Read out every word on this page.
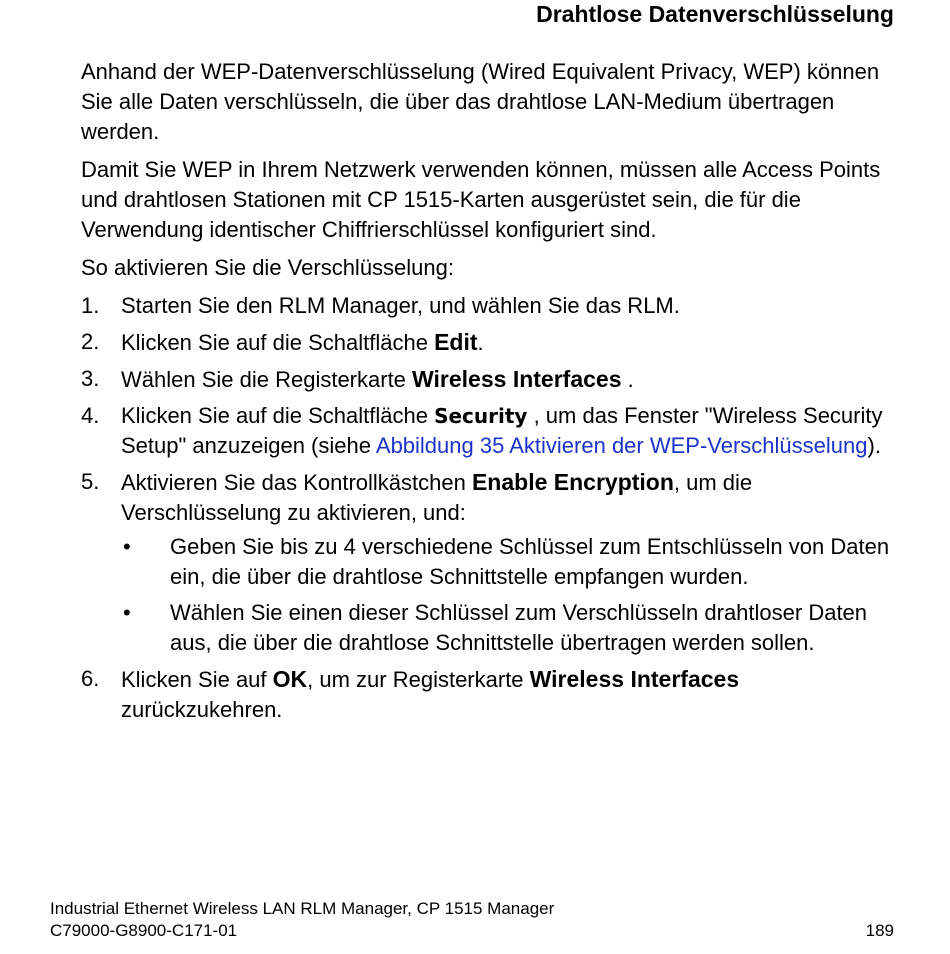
Drahtlose Datenverschlüsselung

Anhand der WEP-Datenverschlüsselung (Wired Equivalent Privacy, WEP) können Sie alle Daten verschlüsseln, die über das drahtlose LAN-Medium übertragen werden.

Damit Sie WEP in Ihrem Netzwerk verwenden können, müssen alle Access Points und drahtlosen Stationen mit CP 1515-Karten ausgerüstet sein, die für die Verwendung identischer Chiffrierschlüssel konfiguriert sind.

So aktivieren Sie die Verschlüsselung:

1. Starten Sie den RLM Manager, und wählen Sie das RLM.
2. Klicken Sie auf die Schaltfläche Edit.
3. Wählen Sie die Registerkarte Wireless Interfaces .
4. Klicken Sie auf die Schaltfläche Security , um das Fenster "Wireless Security Setup" anzuzeigen (siehe Abbildung 35 Aktivieren der WEP-Verschlüsselung).
5. Aktivieren Sie das Kontrollkästchen Enable Encryption, um die Verschlüsselung zu aktivieren, und:
• Geben Sie bis zu 4 verschiedene Schlüssel zum Entschlüsseln von Daten ein, die über die drahtlose Schnittstelle empfangen wurden.
• Wählen Sie einen dieser Schlüssel zum Verschlüsseln drahtloser Daten aus, die über die drahtlose Schnittstelle übertragen werden sollen.
6. Klicken Sie auf OK, um zur Registerkarte Wireless Interfaces zurückzukehren.
Industrial Ethernet Wireless LAN RLM Manager, CP 1515 Manager
C79000-G8900-C171-01	189
